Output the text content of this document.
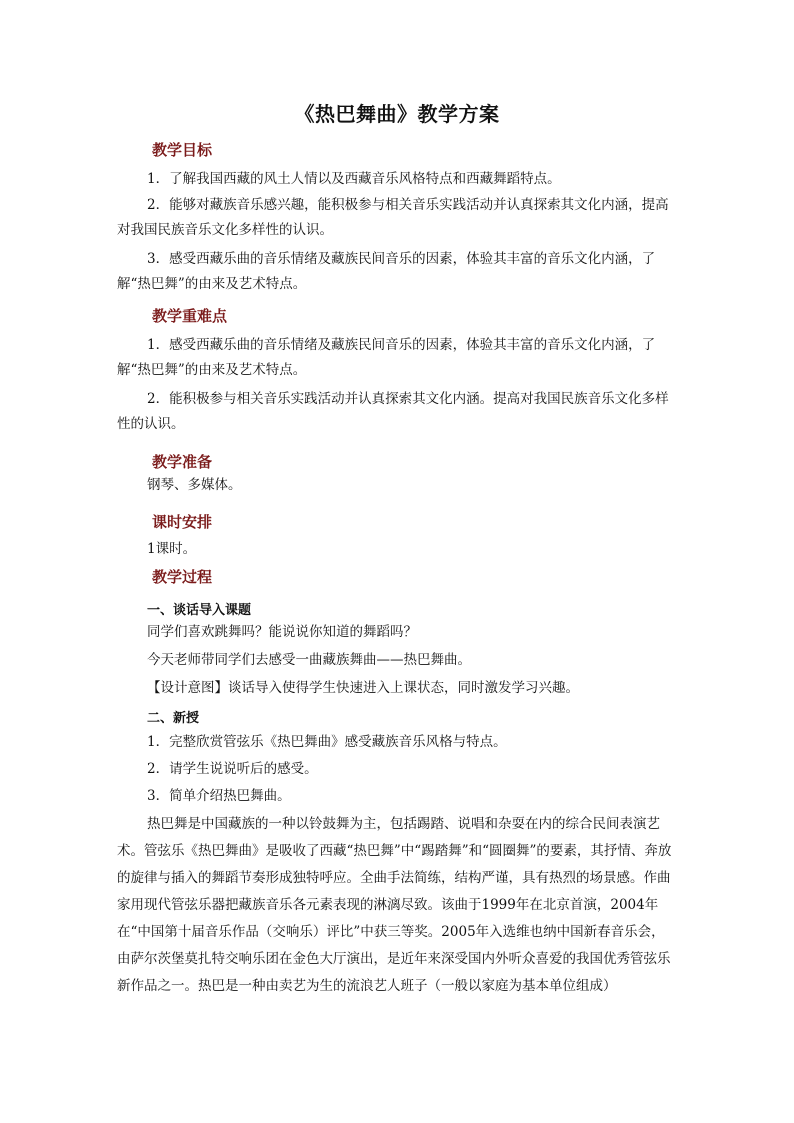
《热巴舞曲》教学方案
教学目标
1．了解我国西藏的风土人情以及西藏音乐风格特点和西藏舞蹈特点。
2．能够对藏族音乐感兴趣，能积极参与相关音乐实践活动并认真探索其文化内涵，提高对我国民族音乐文化多样性的认识。
3．感受西藏乐曲的音乐情绪及藏族民间音乐的因素，体验其丰富的音乐文化内涵，了解“热巴舞”的由来及艺术特点。
教学重难点
1．感受西藏乐曲的音乐情绪及藏族民间音乐的因素，体验其丰富的音乐文化内涵，了解“热巴舞”的由来及艺术特点。
2．能积极参与相关音乐实践活动并认真探索其文化内涵。提高对我国民族音乐文化多样性的认识。
教学准备
钢琴、多媒体。
课时安排
1课时。
教学过程
一、谈话导入课题
同学们喜欢跳舞吗？能说说你知道的舞蹈吗？
今天老师带同学们去感受一曲藏族舞曲——热巴舞曲。
【设计意图】谈话导入使得学生快速进入上课状态，同时激发学习兴趣。
二、新授
1．完整欣赏管弦乐《热巴舞曲》感受藏族音乐风格与特点。
2．请学生说说听后的感受。
3．简单介绍热巴舞曲。
热巴舞是中国藏族的一种以铃鼓舞为主，包括踢踏、说唱和杂耍在内的综合民间表演艺术。管弦乐《热巴舞曲》是吸收了西藏“热巴舞”中“踢踏舞”和“圆圈舞”的要素，其抒情、奔放的旋律与插入的舞蹈节奏形成独特呼应。全曲手法简练，结构严谨，具有热烈的场景感。作曲家用现代管弦乐器把藏族音乐各元素表现的淋漓尽致。该曲于1999年在北京首演，2004年在“中国第十届音乐作品（交响乐）评比”中获三等奖。2005年入选维也纳中国新春音乐会，由萨尔茨堡莫扎特交响乐团在金色大厅演出，是近年来深受国内外听众喜爱的我国优秀管弦乐新作品之一。热巴是一种由卖艺为生的流浪艺人班子（一般以家庭为基本单位组成）
